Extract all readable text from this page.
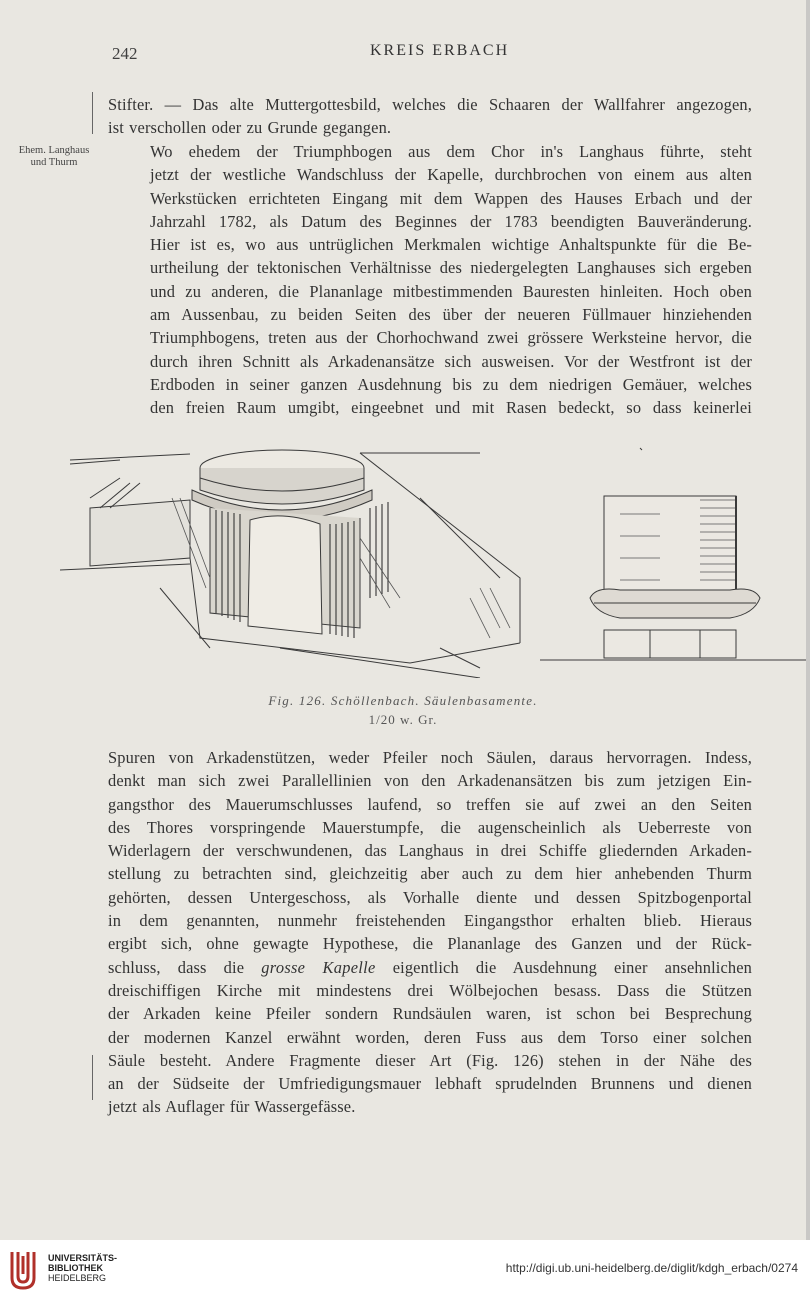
242	KREIS ERBACH
Ehem. Langhaus
und Thurm

Stifter. — Das alte Muttergottesbild, welches die Schaaren der Wallfahrer angezogen,
ist verschollen oder zu Grunde gegangen.

Wo ehedem der Triumphbogen aus dem Chor in's Langhaus führte, steht
jetzt der westliche Wandschluss der Kapelle, durchbrochen von einem aus alten
Werkstücken errichteten Eingang mit dem Wappen des Hauses Erbach und der
Jahrzahl 1782, als Datum des Beginnes der 1783 beendigten Bauveränderung.
Hier ist es, wo aus untrüglichen Merkmalen wichtige Anhaltspunkte für die Be-
urtheilung der tektonischen Verhältnisse des niedergelegten Langhauses sich ergeben
und zu anderen, die Plananlage mitbestimmenden Bauresten hinleiten. Hoch oben
am Aussenbau, zu beiden Seiten des über der neueren Füllmauer hinziehenden
Triumphbogens, treten aus der Chorhochwand zwei grössere Werksteine hervor, die
durch ihren Schnitt als Arkadenansätze sich ausweisen. Vor der Westfront ist der
Erdboden in seiner ganzen Ausdehnung bis zu dem niedrigen Gemäuer, welches
den freien Raum umgibt, eingeebnet und mit Rasen bedeckt, so dass keinerlei

Fig. 126. Schöllenbach. Säulenbasamente.
1/20 w. Gr.

Spuren von Arkadenstützen, weder Pfeiler noch Säulen, daraus hervorragen. Indess,
denkt man sich zwei Parallellinien von den Arkadenansätzen bis zum jetzigen Ein-
gangsthor des Mauerumschlusses laufend, so treffen sie auf zwei an den Seiten
des Thores vorspringende Mauerstumpfe, die augenscheinlich als Ueberreste von
Widerlagern der verschwundenen, das Langhaus in drei Schiffe gliedernden Arkaden-
stellung zu betrachten sind, gleichzeitig aber auch zu dem hier anhebenden Thurm
gehörten, dessen Untergeschoss, als Vorhalle diente und dessen Spitzbogenportal
in dem genannten, nunmehr freistehenden Eingangsthor erhalten blieb. Hieraus
ergibt sich, ohne gewagte Hypothese, die Plananlage des Ganzen und der Rück-
schluss, dass die grosse Kapelle eigentlich die Ausdehnung einer ansehnlichen
dreischiffigen Kirche mit mindestens drei Wölbejochen besass. Dass die Stützen
der Arkaden keine Pfeiler sondern Rundsäulen waren, ist schon bei Besprechung
der modernen Kanzel erwähnt worden, deren Fuss aus dem Torso einer solchen
Säule besteht. Andere Fragmente dieser Art (Fig. 126) stehen in der Nähe des
an der Südseite der Umfriedigungsmauer lebhaft sprudelnden Brunnens und dienen
jetzt als Auflager für Wassergefässe.

UNIVERSITÄTS-
BIBLIOTHEK
HEIDELBERG
http://digi.ub.uni-heidelberg.de/diglit/kdgh_erbach/0274
